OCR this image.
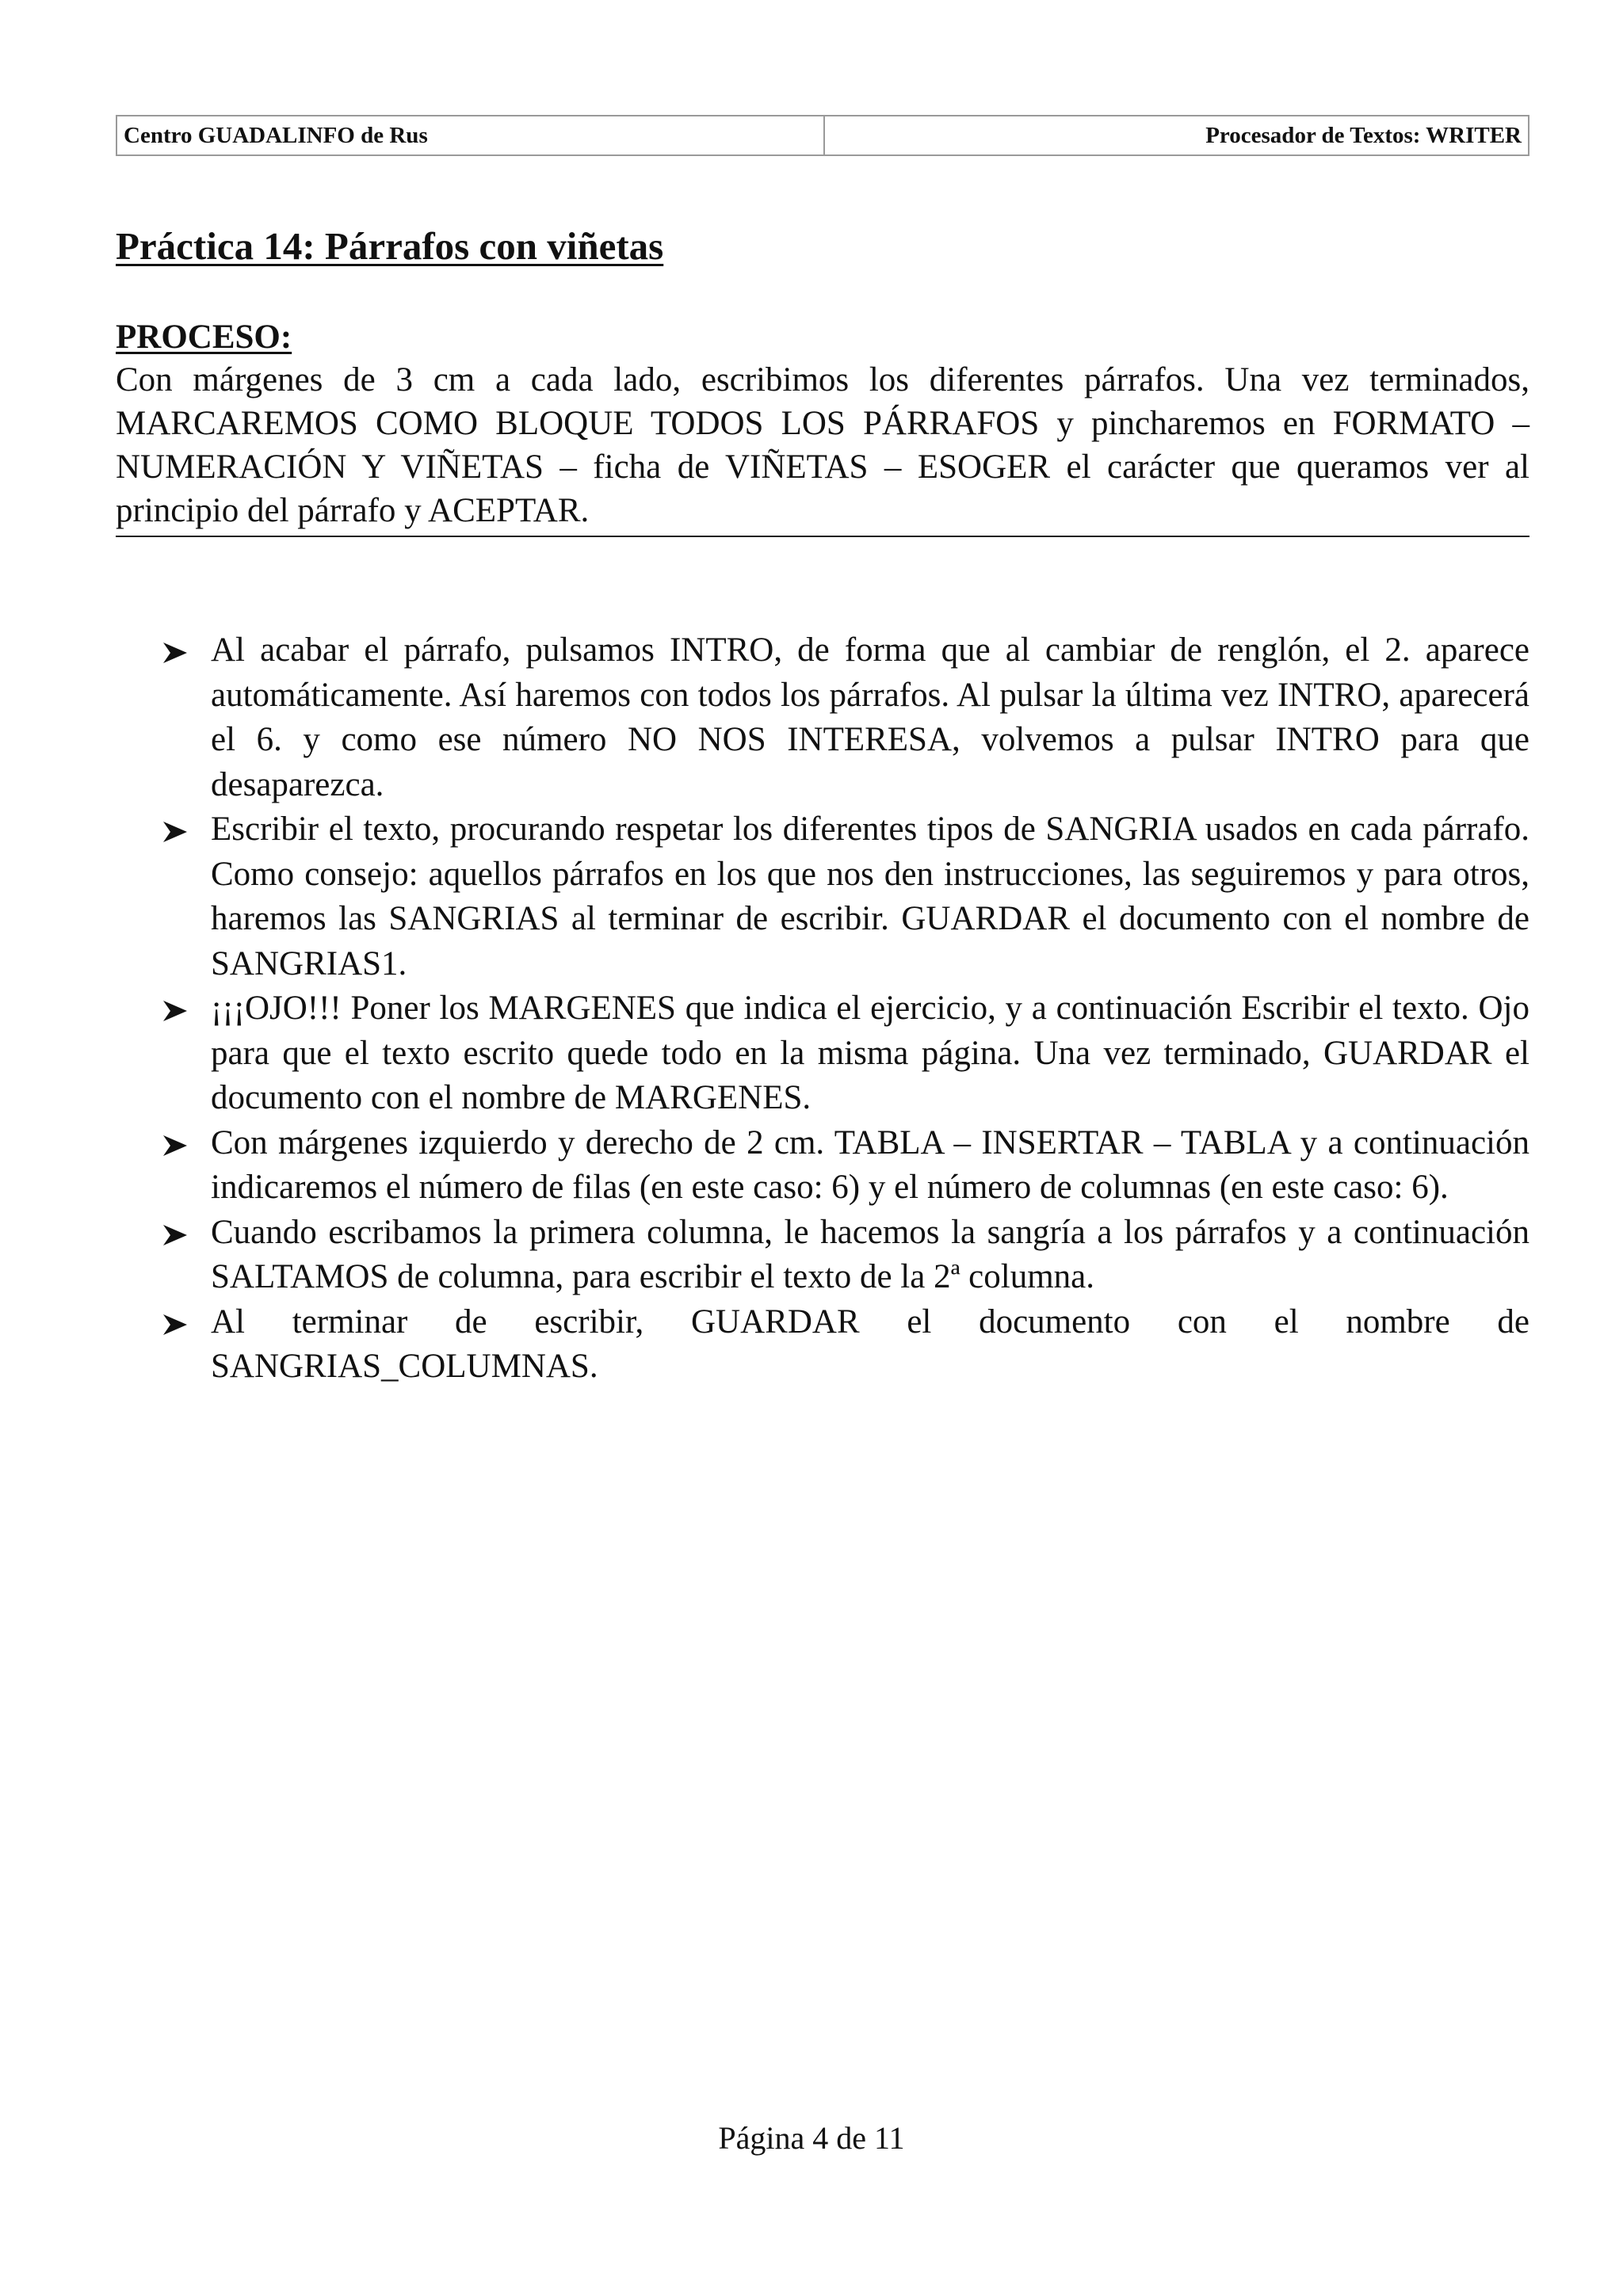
Centro GUADALINFO de Rus	Procesador de Textos: WRITER
Práctica 14: Párrafos con viñetas

PROCESO:

Con márgenes de 3 cm a cada lado, escribimos los diferentes párrafos. Una vez terminados, MARCAREMOS COMO BLOQUE TODOS LOS PÁRRAFOS y pincharemos en FORMATO – NUMERACIÓN Y VIÑETAS – ficha de VIÑETAS – ESOGER el carácter que queramos ver al principio del párrafo y ACEPTAR.

Al acabar el párrafo, pulsamos INTRO, de forma que al cambiar de renglón, el 2. aparece automáticamente. Así haremos con todos los párrafos. Al pulsar la última vez INTRO, aparecerá el 6. y como ese número NO NOS INTERESA, volvemos a pulsar INTRO para que desaparezca.
Escribir el texto, procurando respetar los diferentes tipos de SANGRIA usados en cada párrafo. Como consejo: aquellos párrafos en los que nos den instrucciones, las seguiremos y para otros, haremos las SANGRIAS al terminar de escribir. GUARDAR el documento con el nombre de SANGRIAS1.
¡¡¡OJO!!! Poner los MARGENES que indica el ejercicio, y a continuación Escribir el texto. Ojo para que el texto escrito quede todo en la misma página. Una vez terminado, GUARDAR el documento con el nombre de MARGENES.
Con márgenes izquierdo y derecho de 2 cm. TABLA – INSERTAR – TABLA y a continuación indicaremos el número de filas (en este caso: 6) y el número de columnas (en este caso: 6).
Cuando escribamos la primera columna, le hacemos la sangría a los párrafos y a continuación SALTAMOS de columna, para escribir el texto de la 2ª columna.
Al terminar de escribir, GUARDAR el documento con el nombre de SANGRIAS_COLUMNAS.

Página 4 de 11
